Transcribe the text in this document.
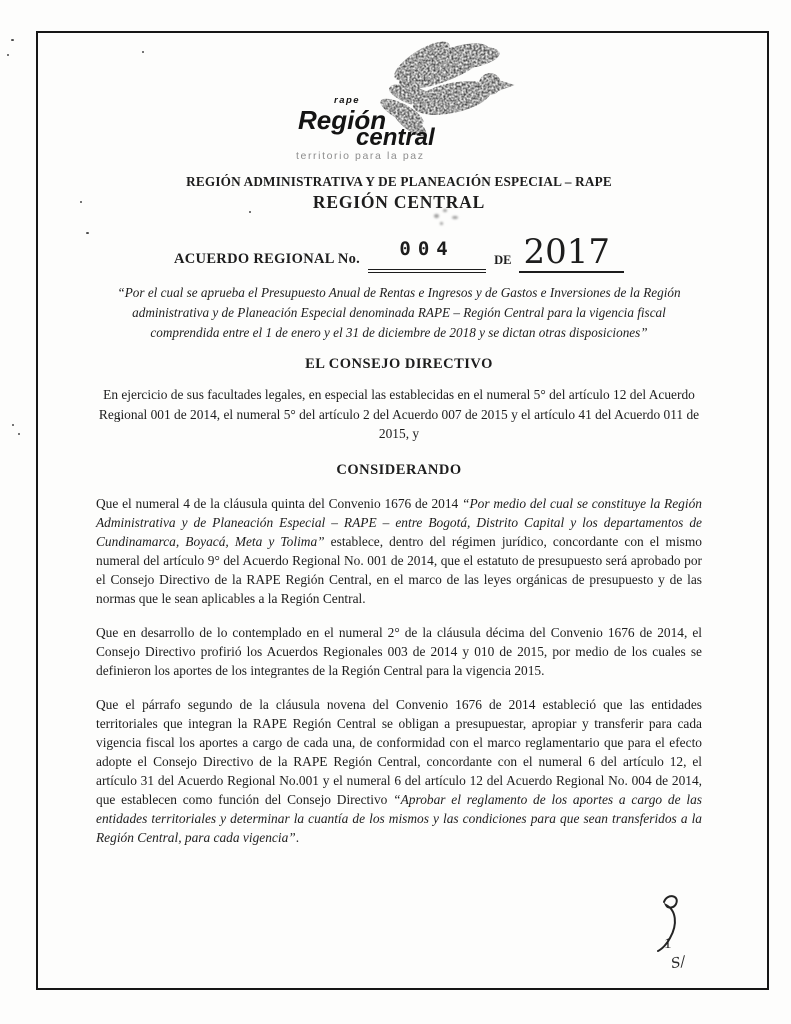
rape
Región
central
territorio para la paz
REGIÓN ADMINISTRATIVA Y DE PLANEACIÓN ESPECIAL – RAPE
REGIÓN CENTRAL
ACUERDO REGIONAL No.	004	DE 2017
“Por el cual se aprueba el Presupuesto Anual de Rentas e Ingresos y de Gastos e Inversiones de la Región administrativa y de Planeación Especial denominada RAPE – Región Central para la vigencia fiscal comprendida entre el 1 de enero y el 31 de diciembre de 2018 y se dictan otras disposiciones”
EL CONSEJO DIRECTIVO
En ejercicio de sus facultades legales, en especial las establecidas en el numeral 5° del artículo 12 del Acuerdo Regional 001 de 2014, el numeral 5° del artículo 2 del Acuerdo 007 de 2015 y el artículo 41 del Acuerdo 011 de 2015, y
CONSIDERANDO

Que el numeral 4 de la cláusula quinta del Convenio 1676 de 2014 “Por medio del cual se constituye la Región Administrativa y de Planeación Especial – RAPE – entre Bogotá, Distrito Capital y los departamentos de Cundinamarca, Boyacá, Meta y Tolima” establece, dentro del régimen jurídico, concordante con el mismo numeral del artículo 9° del Acuerdo Regional No. 001 de 2014, que el estatuto de presupuesto será aprobado por el Consejo Directivo de la RAPE Región Central, en el marco de las leyes orgánicas de presupuesto y de las normas que le sean aplicables a la Región Central.

Que en desarrollo de lo contemplado en el numeral 2° de la cláusula décima del Convenio 1676 de 2014, el Consejo Directivo profirió los Acuerdos Regionales 003 de 2014 y 010 de 2015, por medio de los cuales se definieron los aportes de los integrantes de la Región Central para la vigencia 2015.

Que el párrafo segundo de la cláusula novena del Convenio 1676 de 2014 estableció que las entidades territoriales que integran la RAPE Región Central se obligan a presupuestar, apropiar y transferir para cada vigencia fiscal los aportes a cargo de cada una, de conformidad con el marco reglamentario que para el efecto adopte el Consejo Directivo de la RAPE Región Central, concordante con el numeral 6 del artículo 12, el artículo 31 del Acuerdo Regional No.001 y el numeral 6 del artículo 12 del Acuerdo Regional No. 004 de 2014, que establecen como función del Consejo Directivo “Aprobar el reglamento de los aportes a cargo de las entidades territoriales y determinar la cuantía de los mismos y las condiciones para que sean transferidos a la Región Central, para cada vigencia”.

1
S/
